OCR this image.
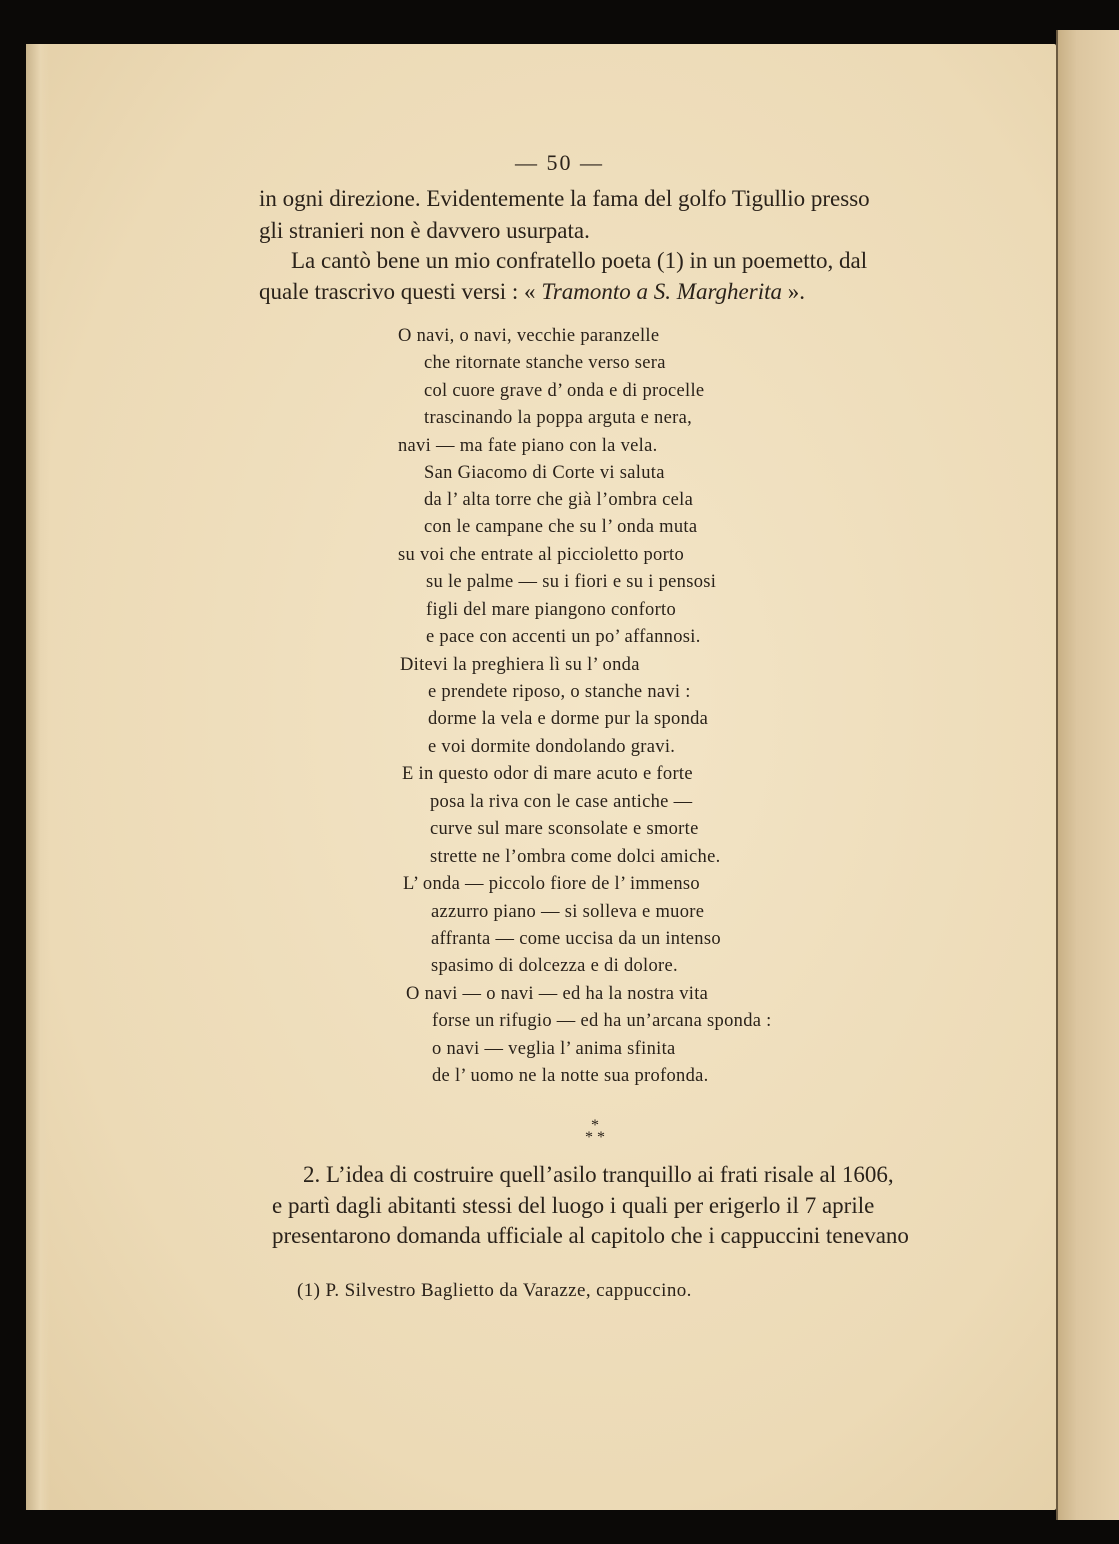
— 50 —
in ogni direzione. Evidentemente la fama del golfo Tigullio presso
gli stranieri non è davvero usurpata.
La cantò bene un mio confratello poeta (1) in un poemetto, dal
quale trascrivo questi versi : « Tramonto a S. Margherita ».
O navi, o navi, vecchie paranzelle
che ritornate stanche verso sera
col cuore grave d’ onda e di procelle
trascinando la poppa arguta e nera,
navi — ma fate piano con la vela.
San Giacomo di Corte vi saluta
da l’ alta torre che già l’ombra cela
con le campane che su l’ onda muta
su voi che entrate al piccioletto porto
su le palme — su i fiori e su i pensosi
figli del mare piangono conforto
e pace con accenti un po’ affannosi.
Ditevi la preghiera lì su l’ onda
e prendete riposo, o stanche navi :
dorme la vela e dorme pur la sponda
e voi dormite dondolando gravi.
E in questo odor di mare acuto e forte
posa la riva con le case antiche —
curve sul mare sconsolate e smorte
strette ne l’ombra come dolci amiche.
L’ onda — piccolo fiore de l’ immenso
azzurro piano — si solleva e muore
affranta — come uccisa da un intenso
spasimo di dolcezza e di dolore.
O navi — o navi — ed ha la nostra vita
forse un rifugio — ed ha un’arcana sponda :
o navi — veglia l’ anima sfinita
de l’ uomo ne la notte sua profonda.
*
* *
2. L’idea di costruire quell’asilo tranquillo ai frati risale al 1606,
e partì dagli abitanti stessi del luogo i quali per erigerlo il 7 aprile
presentarono domanda ufficiale al capitolo che i cappuccini tenevano
(1) P. Silvestro Baglietto da Varazze, cappuccino.
